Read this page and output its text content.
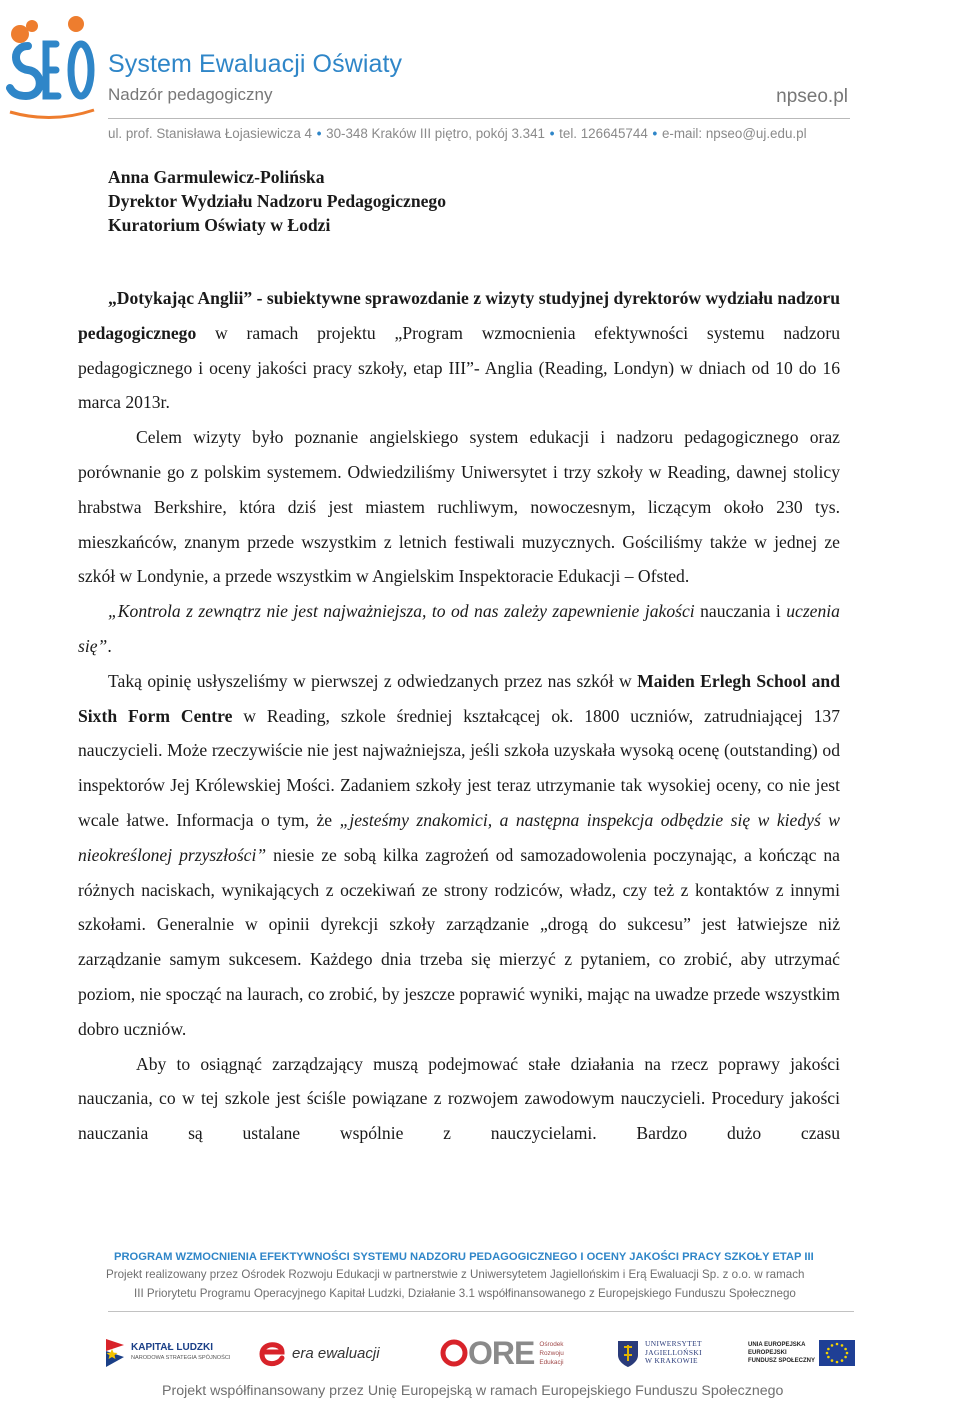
System Ewaluacji Oświaty
Nadzór pedagogiczny	npseo.pl
ul. prof. Stanisława Łojasiewicza 4 • 30-348 Kraków III piętro, pokój 3.341 • tel. 126645744 • e-mail: npseo@uj.edu.pl
Anna Garmulewicz-Polińska
Dyrektor Wydziału Nadzoru Pedagogicznego
Kuratorium Oświaty w Łodzi

„Dotykając Anglii” - subiektywne sprawozdanie z wizyty studyjnej dyrektorów wydziału nadzoru pedagogicznego w ramach projektu „Program wzmocnienia efektywności systemu nadzoru pedagogicznego i oceny jakości pracy szkoły, etap III”- Anglia (Reading, Londyn) w dniach od 10 do 16 marca 2013r.

Celem wizyty było poznanie angielskiego system edukacji i nadzoru pedagogicznego oraz porównanie go z polskim systemem. Odwiedziliśmy Uniwersytet i trzy szkoły w Reading, dawnej stolicy hrabstwa Berkshire, która dziś jest miastem ruchliwym, nowoczesnym, liczącym około 230 tys. mieszkańców, znanym przede wszystkim z letnich festiwali muzycznych. Gościliśmy także w jednej ze szkół w Londynie, a przede wszystkim w Angielskim Inspektoracie Edukacji – Ofsted.

„Kontrola z zewnątrz nie jest najważniejsza, to od nas zależy zapewnienie jakości nauczania i uczenia się”.

Taką opinię usłyszeliśmy w pierwszej z odwiedzanych przez nas szkół w Maiden Erlegh School and Sixth Form Centre w Reading, szkole średniej kształcącej ok. 1800 uczniów, zatrudniającej 137 nauczycieli. Może rzeczywiście nie jest najważniejsza, jeśli szkoła uzyskała wysoką ocenę (outstanding) od inspektorów Jej Królewskiej Mości. Zadaniem szkoły jest teraz utrzymanie tak wysokiej oceny, co nie jest wcale łatwe. Informacja o tym, że „jesteśmy znakomici, a następna inspekcja odbędzie się w kiedyś w nieokreślonej przyszłości” niesie ze sobą kilka zagrożeń od samozadowolenia poczynając, a kończąc na różnych naciskach, wynikających z oczekiwań ze strony rodziców, władz, czy też z kontaktów z innymi szkołami. Generalnie w opinii dyrekcji szkoły zarządzanie „drogą do sukcesu” jest łatwiejsze niż zarządzanie samym sukcesem. Każdego dnia trzeba się mierzyć z pytaniem, co zrobić, aby utrzymać poziom, nie spocząć na laurach, co zrobić, by jeszcze poprawić wyniki, mając na uwadze przede wszystkim dobro uczniów.

Aby to osiągnąć zarządzający muszą podejmować stałe działania na rzecz poprawy jakości nauczania, co w tej szkole jest ściśle powiązane z rozwojem zawodowym nauczycieli. Procedury jakości nauczania są ustalane wspólnie z nauczycielami. Bardzo dużo czasu

PROGRAM WZMOCNIENIA EFEKTYWNOŚCI SYSTEMU NADZORU PEDAGOGICZNEGO I OCENY JAKOŚCI PRACY SZKOŁY ETAP III
Projekt realizowany przez Ośrodek Rozwoju Edukacji w partnerstwie z Uniwersytetem Jagiellońskim i Erą Ewaluacji Sp. z o.o. w ramach
III Priorytetu Programu Operacyjnego Kapitał Ludzki, Działanie 3.1 współfinansowanego z Europejskiego Funduszu Społecznego
KAPITAŁ LUDZKI
NARODOWA STRATEGIA SPÓJNOŚCI	era ewaluacji	ORE Ośrodek
Rozwoju
Edukacji
UNIWERSYTET
JAGIELLOŃSKI
W KRAKOWIE
UNIA EUROPEJSKA
EUROPEJSKI
FUNDUSZ SPOŁECZNY
Projekt współfinansowany przez Unię Europejską w ramach Europejskiego Funduszu Społecznego
